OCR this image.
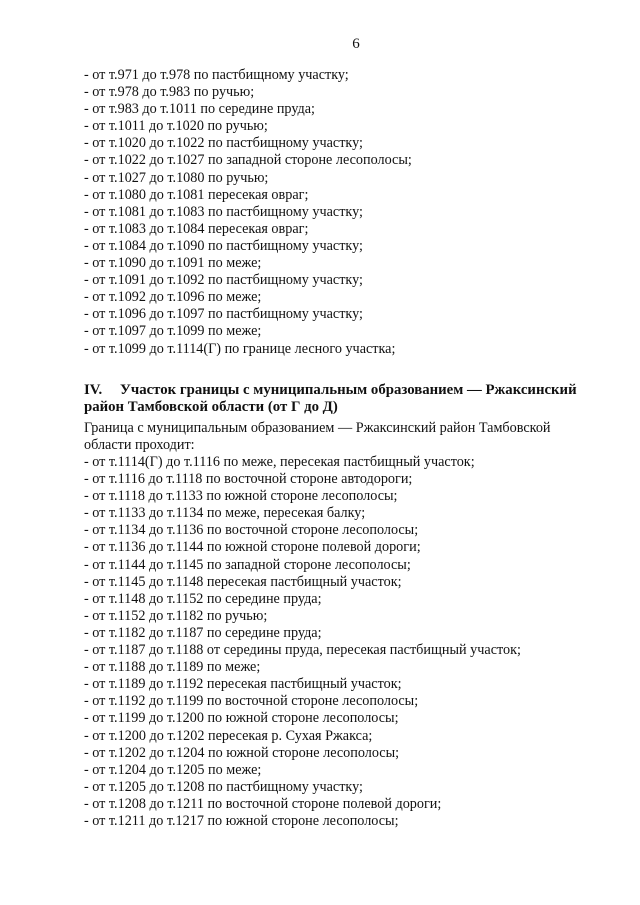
6
- от т.971 до т.978 по пастбищному участку;
- от т.978 до т.983 по ручью;
- от т.983 до т.1011 по середине пруда;
- от т.1011 до т.1020 по ручью;
- от т.1020 до т.1022 по пастбищному участку;
- от т.1022 до т.1027 по западной стороне лесополосы;
- от т.1027 до т.1080 по ручью;
- от т.1080 до т.1081 пересекая овраг;
- от т.1081 до т.1083 по пастбищному участку;
- от т.1083 до т.1084 пересекая овраг;
- от т.1084 до т.1090 по пастбищному участку;
- от т.1090 до т.1091 по меже;
- от т.1091 до т.1092 по пастбищному участку;
- от т.1092 до т.1096 по меже;
- от т.1096 до т.1097 по пастбищному участку;
- от т.1097 до т.1099 по меже;
- от т.1099 до т.1114(Г) по границе лесного участка;
IV. Участок границы с муниципальным образованием — Ржаксинский район Тамбовской области (от Г до Д)
Граница с муниципальным образованием — Ржаксинский район Тамбовской области проходит:
- от т.1114(Г) до т.1116 по меже, пересекая пастбищный участок;
- от т.1116 до т.1118 по восточной стороне автодороги;
- от т.1118 до т.1133 по южной стороне лесополосы;
- от т.1133 до т.1134 по меже, пересекая балку;
- от т.1134 до т.1136 по восточной стороне лесополосы;
- от т.1136 до т.1144 по южной стороне полевой дороги;
- от т.1144 до т.1145 по западной стороне лесополосы;
- от т.1145 до т.1148 пересекая пастбищный участок;
- от т.1148 до т.1152 по середине пруда;
- от т.1152 до т.1182 по ручью;
- от т.1182 до т.1187 по середине пруда;
- от т.1187 до т.1188 от середины пруда, пересекая пастбищный участок;
- от т.1188 до т.1189 по меже;
- от т.1189 до т.1192 пересекая пастбищный участок;
- от т.1192 до т.1199 по восточной стороне лесополосы;
- от т.1199 до т.1200 по южной стороне лесополосы;
- от т.1200 до т.1202 пересекая р. Сухая Ржакса;
- от т.1202 до т.1204 по южной стороне лесополосы;
- от т.1204 до т.1205 по меже;
- от т.1205 до т.1208 по пастбищному участку;
- от т.1208 до т.1211 по восточной стороне полевой дороги;
- от т.1211 до т.1217 по южной стороне лесополосы;
